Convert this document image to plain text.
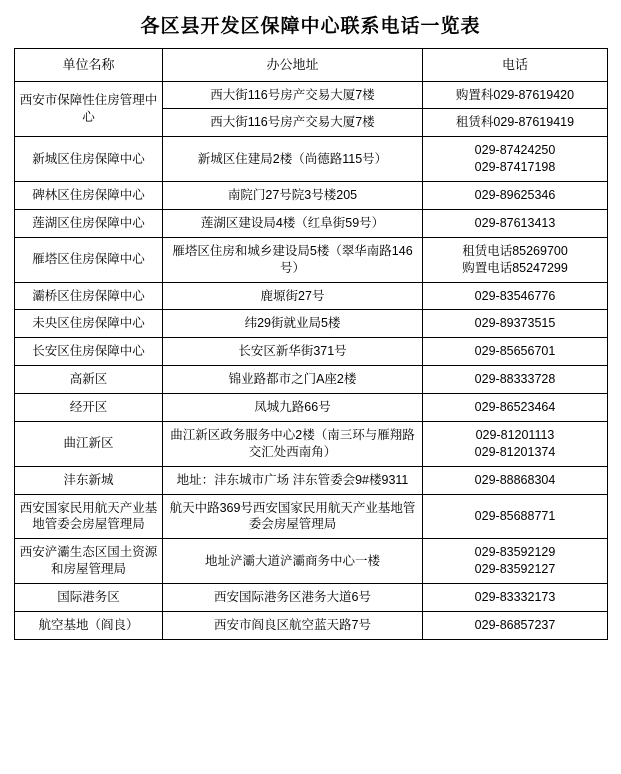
各区县开发区保障中心联系电话一览表
单位名称	办公地址	电话

西安市保障性住房管理中心	西大街116号房产交易大厦7楼	购置科029-87619420

	西大街116号房产交易大厦7楼	租赁科029-87619419

新城区住房保障中心	新城区住建局2楼（尚德路115号）	029-87424250
029-87417198

碑林区住房保障中心	南院门27号院3号楼205	029-89625346

莲湖区住房保障中心	莲湖区建设局4楼（红阜街59号）	029-87613413

雁塔区住房保障中心	雁塔区住房和城乡建设局5楼（翠华南路146号）	租赁电话85269700
购置电话85247299

灞桥区住房保障中心	鹿塬街27号	029-83546776

未央区住房保障中心	纬29街就业局5楼	029-89373515

长安区住房保障中心	长安区新华街371号	029-85656701

高新区	锦业路都市之门A座2楼	029-88333728

经开区	凤城九路66号	029-86523464

曲江新区	曲江新区政务服务中心2楼（南三环与雁翔路交汇处西南角）	029-81201113
029-81201374

沣东新城	地址：沣东城市广场 沣东管委会9#楼9311	029-88868304

西安国家民用航天产业基地管委会房屋管理局	航天中路369号西安国家民用航天产业基地管委会房屋管理局	029-85688771

西安浐灞生态区国土资源和房屋管理局	地址浐灞大道浐灞商务中心一楼	029-83592129
029-83592127

国际港务区	西安国际港务区港务大道6号	029-83332173

航空基地（阎良）	西安市阎良区航空蓝天路7号	029-86857237
